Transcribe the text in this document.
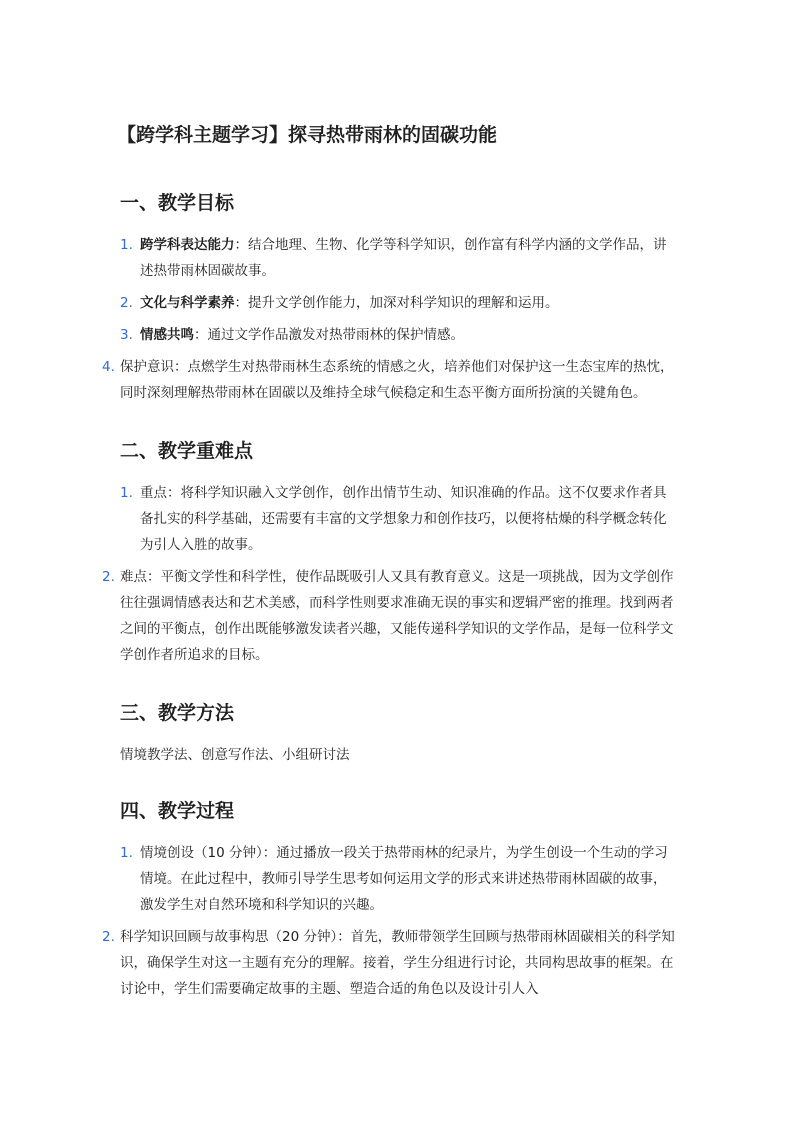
【跨学科主题学习】探寻热带雨林的固碳功能
一、教学目标
1. 跨学科表达能力：结合地理、生物、化学等科学知识，创作富有科学内涵的文学作品，讲述热带雨林固碳故事。
2. 文化与科学素养：提升文学创作能力，加深对科学知识的理解和运用。
3. 情感共鸣：通过文学作品激发对热带雨林的保护情感。
4. 保护意识：点燃学生对热带雨林生态系统的情感之火，培养他们对保护这一生态宝库的热忱，同时深刻理解热带雨林在固碳以及维持全球气候稳定和生态平衡方面所扮演的关键角色。
二、教学重难点
1. 重点：将科学知识融入文学创作，创作出情节生动、知识准确的作品。这不仅要求作者具备扎实的科学基础，还需要有丰富的文学想象力和创作技巧，以便将枯燥的科学概念转化为引人入胜的故事。
2. 难点：平衡文学性和科学性，使作品既吸引人又具有教育意义。这是一项挑战，因为文学创作往往强调情感表达和艺术美感，而科学性则要求准确无误的事实和逻辑严密的推理。找到两者之间的平衡点，创作出既能够激发读者兴趣，又能传递科学知识的文学作品，是每一位科学文学创作者所追求的目标。
三、教学方法

情境教学法、创意写作法、小组研讨法

四、教学过程
1. 情境创设（10 分钟）：通过播放一段关于热带雨林的纪录片，为学生创设一个生动的学习情境。在此过程中，教师引导学生思考如何运用文学的形式来讲述热带雨林固碳的故事，激发学生对自然环境和科学知识的兴趣。
2. 科学知识回顾与故事构思（20 分钟）：首先，教师带领学生回顾与热带雨林固碳相关的科学知识，确保学生对这一主题有充分的理解。接着，学生分组进行讨论，共同构思故事的框架。在讨论中，学生们需要确定故事的主题、塑造合适的角色以及设计引人入
